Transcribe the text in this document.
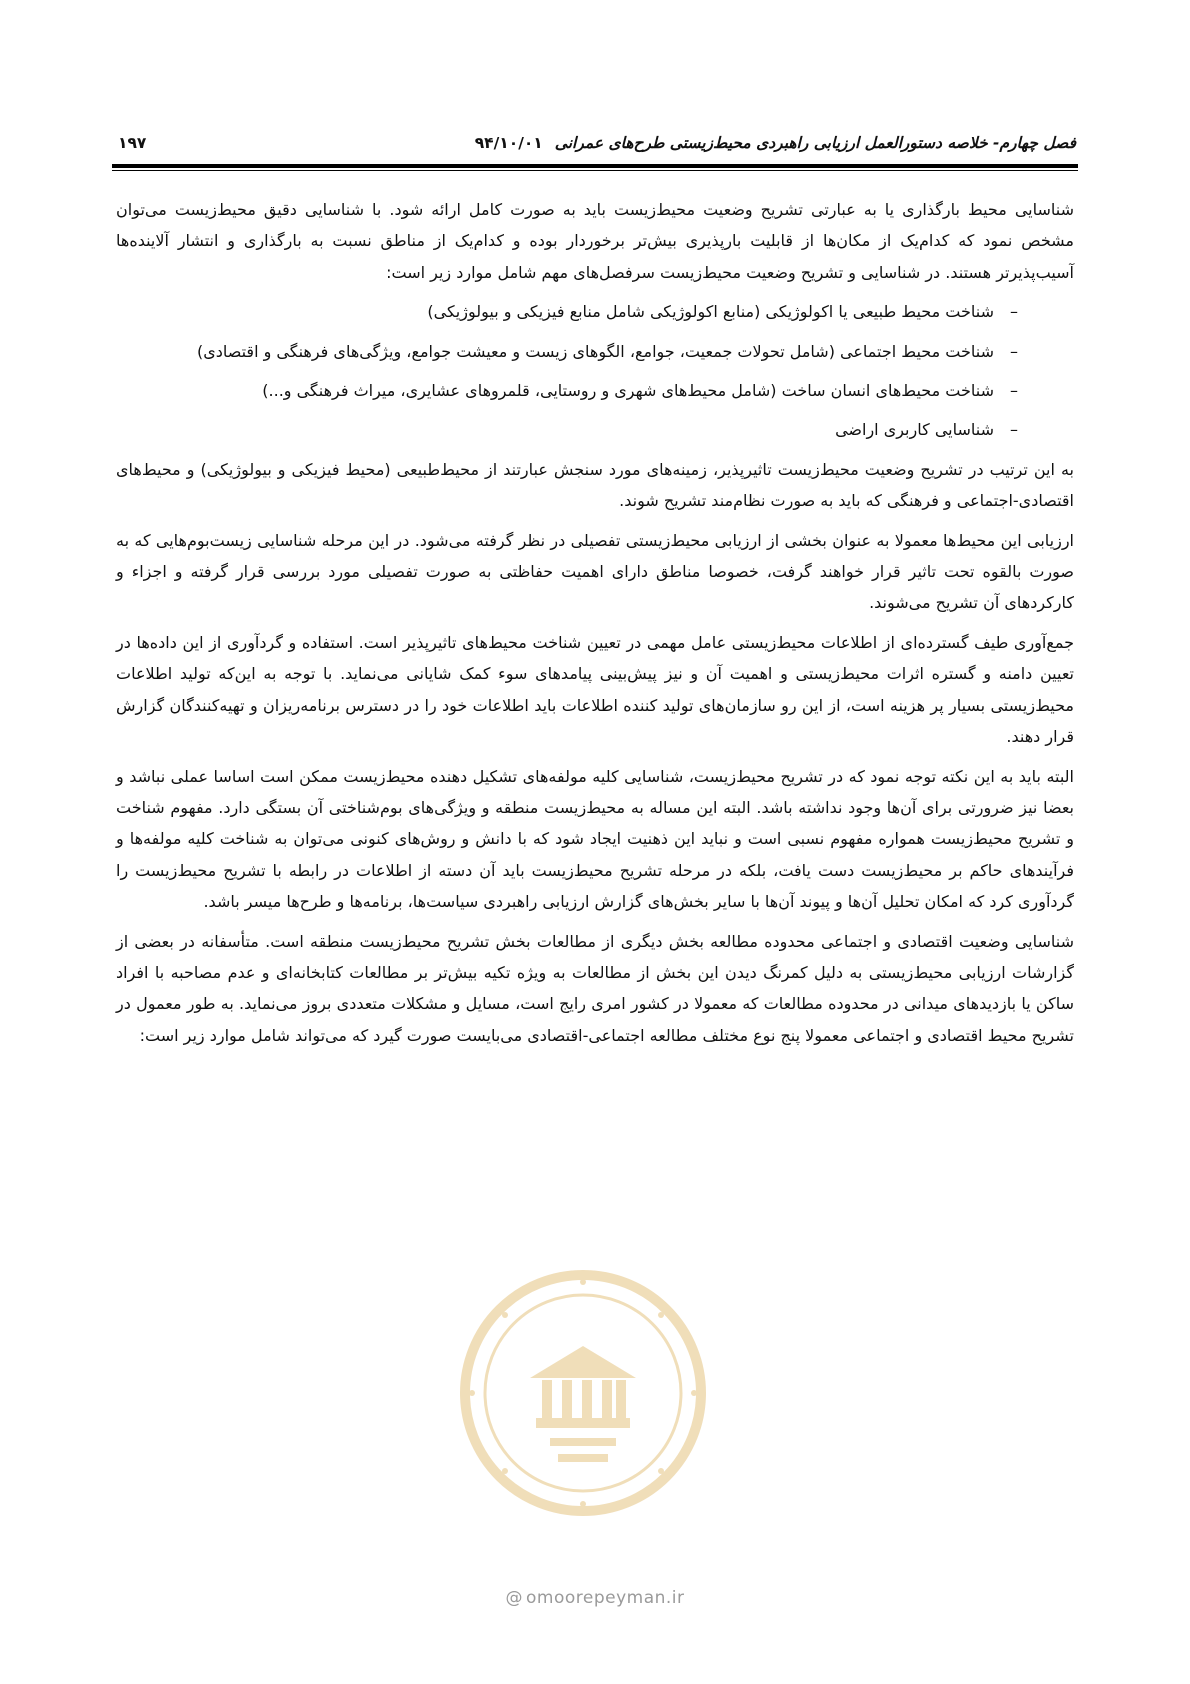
فصل چهارم- خلاصه دستورالعمل ارزیابی راهبردی محیط‌زیستی طرح‌های عمرانی۹۴/۱۰/۰۱
۱۹۷

شناسایی محیط بارگذاری یا به عبارتی تشریح وضعیت محیط‌زیست باید به صورت کامل ارائه شود. با شناسایی دقیق محیط‌زیست می‌توان مشخص نمود که کدام‌یک از مکان‌ها از قابلیت بارپذیری بیش‌تر برخوردار بوده و کدام‌یک از مناطق نسبت به بارگذاری و انتشار آلاینده‌ها آسیب‌پذیرتر هستند. در شناسایی و تشریح وضعیت محیط‌زیست سرفصل‌های مهم شامل موارد زیر است:

–
شناخت محیط طبیعی یا اکولوژیکی (منابع اکولوژیکی شامل منابع فیزیکی و بیولوژیکی)
–
شناخت محیط اجتماعی (شامل تحولات جمعیت، جوامع، الگوهای زیست و معیشت جوامع، ویژگی‌های فرهنگی و اقتصادی)
–
شناخت محیط‌های انسان ساخت (شامل محیط‌های شهری و روستایی، قلمروهای عشایری، میراث فرهنگی و...)
–
شناسایی کاربری اراضی

به این ترتیب در تشریح وضعیت محیط‌زیست تاثیرپذیر، زمینه‌های مورد سنجش عبارتند از محیط‌طبیعی (محیط فیزیکی و بیولوژیکی) و محیط‌های اقتصادی-اجتماعی و فرهنگی که باید به صورت نظام‌مند تشریح شوند.

ارزیابی این محیط‌ها معمولا به عنوان بخشی از ارزیابی محیط‌زیستی تفصیلی در نظر گرفته می‌شود. در این مرحله شناسایی زیست‌بوم‌هایی که به صورت بالقوه تحت تاثیر قرار خواهند گرفت، خصوصا مناطق دارای اهمیت حفاظتی به صورت تفصیلی مورد بررسی قرار گرفته و اجزاء و کارکردهای آن تشریح می‌شوند.

جمع‌آوری طیف گسترده‌ای از اطلاعات محیط‌زیستی عامل مهمی در تعیین شناخت محیط‌های تاثیرپذیر است. استفاده و گردآوری از این داده‌ها در تعیین دامنه و گستره اثرات محیط‌زیستی و اهمیت آن و نیز پیش‌بینی پیامدهای سوء کمک شایانی می‌نماید. با توجه به این‌که تولید اطلاعات محیط‌زیستی بسیار پر هزینه است، از این رو سازمان‌های تولید کننده اطلاعات باید اطلاعات خود را در دسترس برنامه‌ریزان و تهیه‌کنندگان گزارش قرار دهند.

البته باید به این نکته توجه نمود که در تشریح محیط‌زیست، شناسایی کلیه مولفه‌های تشکیل دهنده محیط‌زیست ممکن است اساسا عملی نباشد و بعضا نیز ضرورتی برای آن‌ها وجود نداشته باشد. البته این مساله به محیط‌زیست منطقه و ویژگی‌های بوم‌شناختی آن بستگی دارد. مفهوم شناخت و تشریح محیط‌زیست همواره مفهوم نسبی است و نباید این ذهنیت ایجاد شود که با دانش و روش‌های کنونی می‌توان به شناخت کلیه مولفه‌ها و فرآیندهای حاکم بر محیط‌زیست دست یافت، بلکه در مرحله تشریح محیط‌زیست باید آن دسته از اطلاعات در رابطه با تشریح محیط‌زیست را گردآوری کرد که امکان تحلیل آن‌ها و پیوند آن‌ها با سایر بخش‌های گزارش ارزیابی راهبردی سیاست‌ها، برنامه‌ها و طرح‌ها میسر باشد.

شناسایی وضعیت اقتصادی و اجتماعی محدوده مطالعه بخش دیگری از مطالعات بخش تشریح محیط‌زیست منطقه است. متأسفانه در بعضی از گزارشات ارزیابی محیط‌زیستی به دلیل کمرنگ دیدن این بخش از مطالعات به ویژه تکیه بیش‌تر بر مطالعات کتابخانه‌ای و عدم مصاحبه با افراد ساکن یا بازدیدهای میدانی در محدوده مطالعات که معمولا در کشور امری رایج است، مسایل و مشکلات متعددی بروز می‌نماید. به طور معمول در تشریح محیط اقتصادی و اجتماعی معمولا پنج نوع مختلف مطالعه اجتماعی-اقتصادی می‌بایست صورت گیرد که می‌تواند شامل موارد زیر است:

@ omoorepeyman.ir
